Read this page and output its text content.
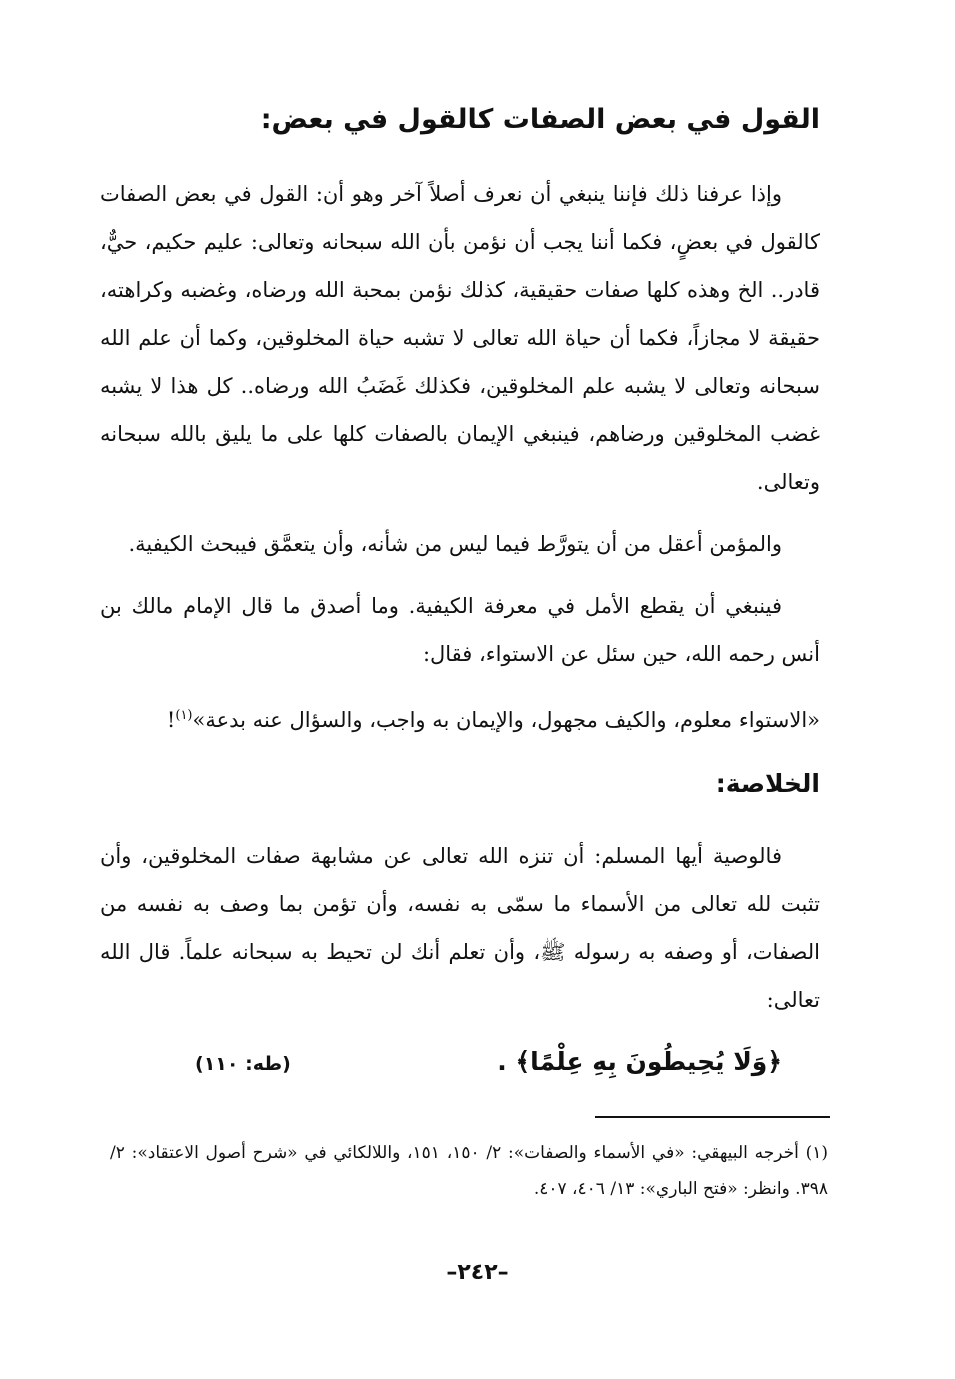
القول في بعض الصفات كالقول في بعض:

وإذا عرفنا ذلك فإننا ينبغي أن نعرف أصلاً آخر وهو أن: القول في بعض الصفات كالقول في بعضٍ، فكما أننا يجب أن نؤمن بأن الله سبحانه وتعالى: عليم حكيم، حيٌّ، قادر.. الخ وهذه كلها صفات حقيقية، كذلك نؤمن بمحبة الله ورضاه، وغضبه وكراهته، حقيقة لا مجازاً، فكما أن حياة الله تعالى لا تشبه حياة المخلوقين، وكما أن علم الله سبحانه وتعالى لا يشبه علم المخلوقين، فكذلك غَضَبُ الله ورضاه.. كل هذا لا يشبه غضب المخلوقين ورضاهم، فينبغي الإيمان بالصفات كلها على ما يليق بالله سبحانه وتعالى.

والمؤمن أعقل من أن يتورَّط فيما ليس من شأنه، وأن يتعمَّق فيبحث الكيفية.

فينبغي أن يقطع الأمل في معرفة الكيفية. وما أصدق ما قال الإمام مالك بن أنس رحمه الله، حين سئل عن الاستواء، فقال:

«الاستواء معلوم، والكيف مجهول، والإيمان به واجب، والسؤال عنه بدعة»$^{(١)}$!

الخلاصة:

فالوصية أيها المسلم: أن تنزه الله تعالى عن مشابهة صفات المخلوقين، وأن تثبت لله تعالى من الأسماء ما سمّى به نفسه، وأن تؤمن بما وصف به نفسه من الصفات، أو وصفه به رسوله ﷺ، وأن تعلم أنك لن تحيط به سبحانه علماً. قال الله تعالى:

﴿وَلَا يُحِيطُونَ بِهِ عِلْمًا﴾ .
(طه: ١١٠)
(١) أخرجه البيهقي: «في الأسماء والصفات»: ٢/ ١٥٠، ١٥١، واللالكائي في «شرح أصول الاعتقاد»: ٢/ ٣٩٨. وانظر: «فتح الباري»: ١٣/ ٤٠٦، ٤٠٧.
–٢٤٢–
